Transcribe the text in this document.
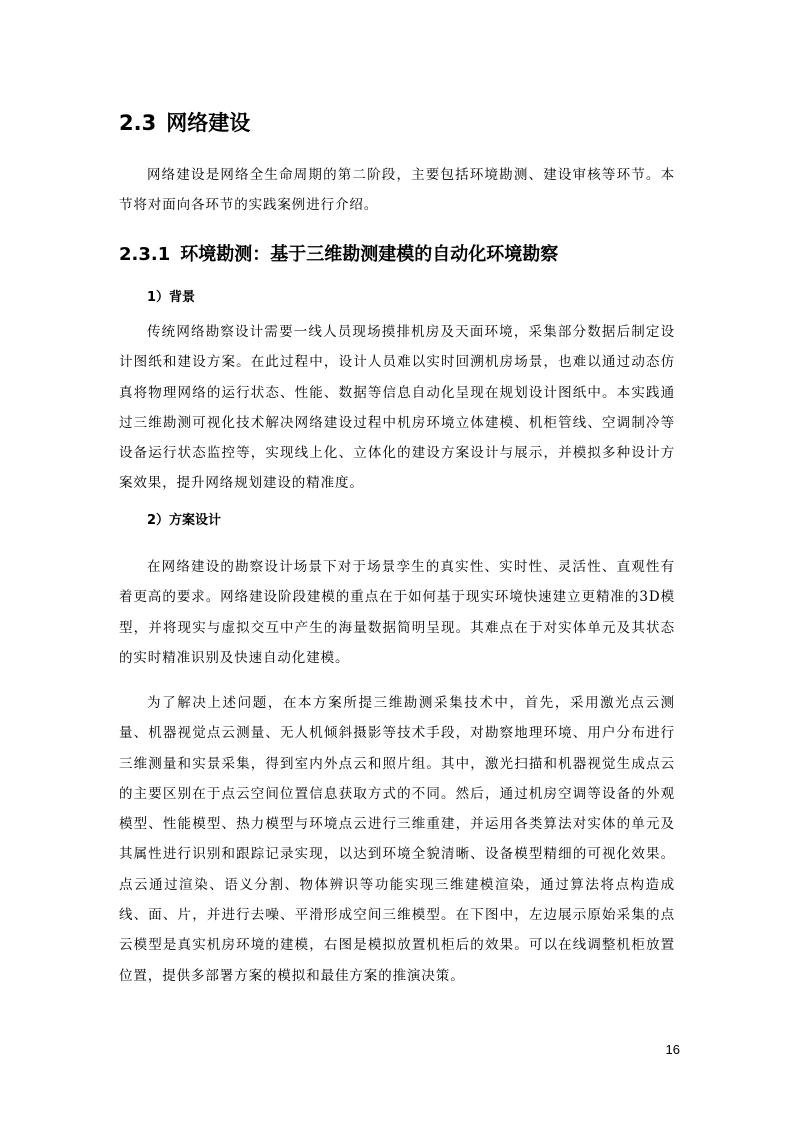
2.3 网络建设
网络建设是网络全生命周期的第二阶段，主要包括环境勘测、建设审核等环节。本节将对面向各环节的实践案例进行介绍。
2.3.1 环境勘测：基于三维勘测建模的自动化环境勘察
1）背景
传统网络勘察设计需要一线人员现场摸排机房及天面环境，采集部分数据后制定设计图纸和建设方案。在此过程中，设计人员难以实时回溯机房场景，也难以通过动态仿真将物理网络的运行状态、性能、数据等信息自动化呈现在规划设计图纸中。本实践通过三维勘测可视化技术解决网络建设过程中机房环境立体建模、机柜管线、空调制冷等设备运行状态监控等，实现线上化、立体化的建设方案设计与展示，并模拟多种设计方案效果，提升网络规划建设的精准度。
2）方案设计
在网络建设的勘察设计场景下对于场景孪生的真实性、实时性、灵活性、直观性有着更高的要求。网络建设阶段建模的重点在于如何基于现实环境快速建立更精准的3D模型，并将现实与虚拟交互中产生的海量数据简明呈现。其难点在于对实体单元及其状态的实时精准识别及快速自动化建模。
为了解决上述问题，在本方案所提三维勘测采集技术中，首先，采用激光点云测量、机器视觉点云测量、无人机倾斜摄影等技术手段，对勘察地理环境、用户分布进行三维测量和实景采集，得到室内外点云和照片组。其中，激光扫描和机器视觉生成点云的主要区别在于点云空间位置信息获取方式的不同。然后，通过机房空调等设备的外观模型、性能模型、热力模型与环境点云进行三维重建，并运用各类算法对实体的单元及其属性进行识别和跟踪记录实现，以达到环境全貌清晰、设备模型精细的可视化效果。点云通过渲染、语义分割、物体辨识等功能实现三维建模渲染，通过算法将点构造成线、面、片，并进行去噪、平滑形成空间三维模型。在下图中，左边展示原始采集的点云模型是真实机房环境的建模，右图是模拟放置机柜后的效果。可以在线调整机柜放置位置，提供多部署方案的模拟和最佳方案的推演决策。
16
